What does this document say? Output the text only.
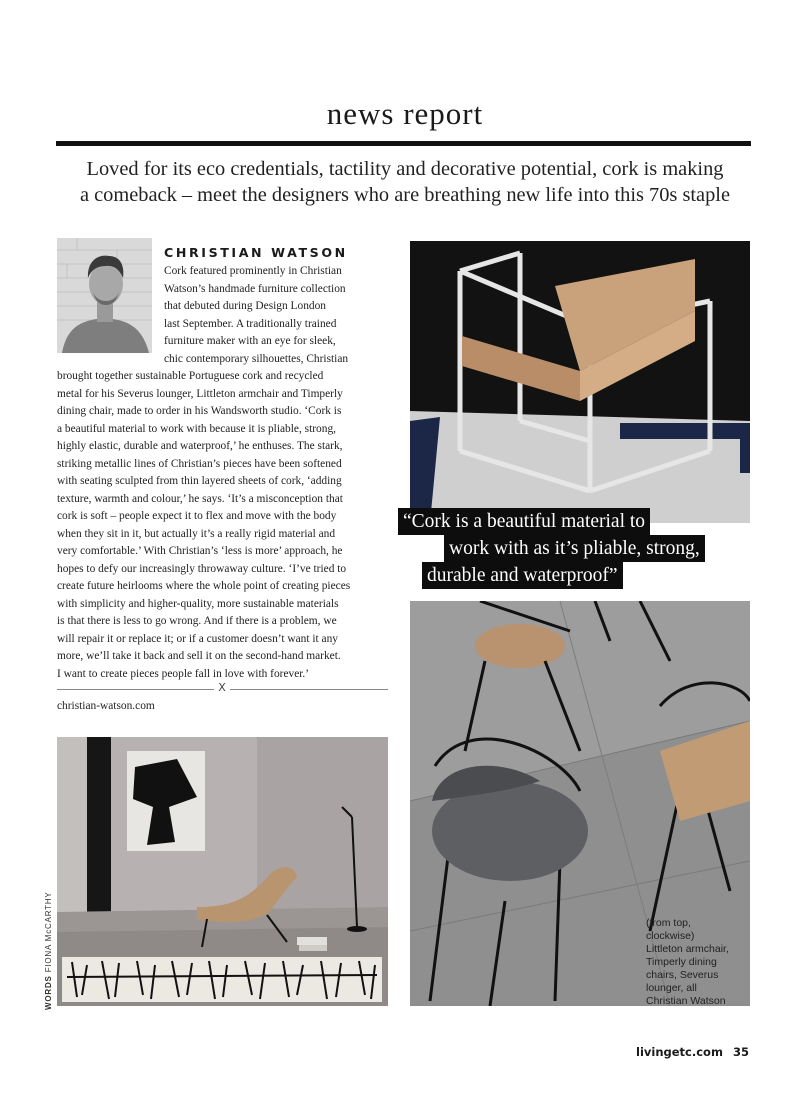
news report
Loved for its eco credentials, tactility and decorative potential, cork is making
a comeback – meet the designers who are breathing new life into this 70s staple
CHRISTIAN WATSON
Cork featured prominently in Christian
Watson’s handmade furniture collection
that debuted during Design London
last September. A traditionally trained
furniture maker with an eye for sleek,
chic contemporary silhouettes, Christian
brought together sustainable Portuguese cork and recycled
metal for his Severus lounger, Littleton armchair and Timperly
dining chair, made to order in his Wandsworth studio. ‘Cork is
a beautiful material to work with because it is pliable, strong,
highly elastic, durable and waterproof,’ he enthuses. The stark,
striking metallic lines of Christian’s pieces have been softened
with seating sculpted from thin layered sheets of cork, ‘adding
texture, warmth and colour,’ he says. ‘It’s a misconception that
cork is soft – people expect it to flex and move with the body
when they sit in it, but actually it’s a really rigid material and
very comfortable.’ With Christian’s ‘less is more’ approach, he
hopes to defy our increasingly throwaway culture. ‘I’ve tried to
create future heirlooms where the whole point of creating pieces
with simplicity and higher-quality, more sustainable materials
is that there is less to go wrong. And if there is a problem, we
will repair it or replace it; or if a customer doesn’t want it any
more, we’ll take it back and sell it on the second-hand market.
I want to create pieces people fall in love with forever.’
X
christian-watson.com
“Cork is a beautiful material to
work with as it’s pliable, strong,
durable and waterproof”
(from top,
clockwise)
Littleton armchair,
Timperly dining
chairs, Severus
lounger, all
Christian Watson
WORDS FIONA McCARTHY
livingetc.com 35
